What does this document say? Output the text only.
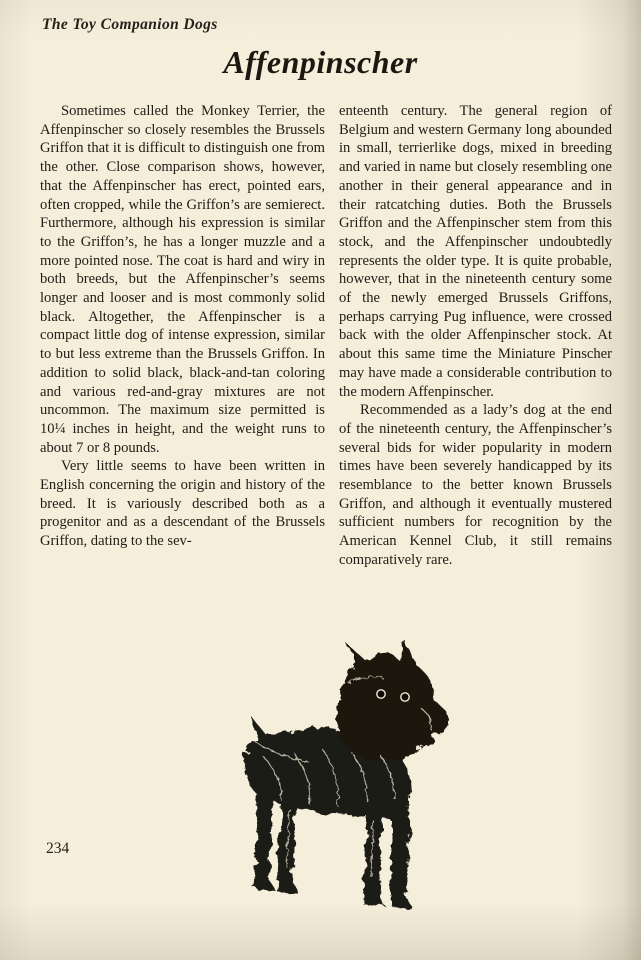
The Toy Companion Dogs
Affenpinscher

Sometimes called the Monkey Terrier, the Affenpinscher so closely resembles the Brussels Griffon that it is difficult to distinguish one from the other. Close comparison shows, however, that the Affenpinscher has erect, pointed ears, often cropped, while the Griffon’s are semierect. Furthermore, although his expression is similar to the Griffon’s, he has a longer muzzle and a more pointed nose. The coat is hard and wiry in both breeds, but the Affenpinscher’s seems longer and looser and is most commonly solid black. Altogether, the Affenpinscher is a compact little dog of intense expression, similar to but less extreme than the Brussels Griffon. In addition to solid black, black-and-tan coloring and various red-and-gray mixtures are not uncommon. The maximum size permitted is 10¼ inches in height, and the weight runs to about 7 or 8 pounds.

Very little seems to have been written in English concerning the origin and history of the breed. It is variously described both as a progenitor and as a descendant of the Brussels Griffon, dating to the sev-

enteenth century. The general region of Belgium and western Germany long abounded in small, terrierlike dogs, mixed in breeding and varied in name but closely resembling one another in their general appearance and in their ratcatching duties. Both the Brussels Griffon and the Affenpinscher stem from this stock, and the Affenpinscher undoubtedly represents the older type. It is quite probable, however, that in the nineteenth century some of the newly emerged Brussels Griffons, perhaps carrying Pug influence, were crossed back with the older Affenpinscher stock. At about this same time the Miniature Pinscher may have made a considerable contribution to the modern Affenpinscher.

Recommended as a lady’s dog at the end of the nineteenth century, the Affenpinscher’s several bids for wider popularity in modern times have been severely handicapped by its resemblance to the better known Brussels Griffon, and although it eventually mustered sufficient numbers for recognition by the American Kennel Club, it still remains comparatively rare.

234
